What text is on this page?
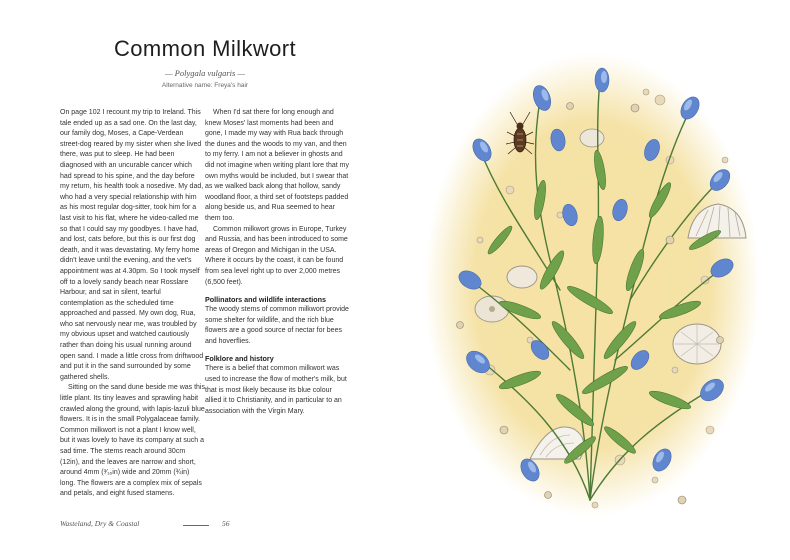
Common Milkwort
— Polygala vulgaris —
Alternative name: Freya's hair

On page 102 I recount my trip to Ireland. This tale ended up as a sad one. On the last day, our family dog, Moses, a Cape-Verdean street-dog reared by my sister when she lived there, was put to sleep. He had been diagnosed with an uncurable cancer which had spread to his spine, and the day before my return, his health took a nosedive. My dad, who had a very special relationship with him as his most regular dog-sitter, took him for a last visit to his flat, where he video-called me so that I could say my goodbyes. I have had, and lost, cats before, but this is our first dog death, and it was devastating. My ferry home didn't leave until the evening, and the vet's appointment was at 4.30pm. So I took myself off to a lovely sandy beach near Rosslare Harbour, and sat in silent, tearful contemplation as the scheduled time approached and passed. My own dog, Rua, who sat nervously near me, was troubled by my obvious upset and watched cautiously rather than doing his usual running around open sand. I made a little cross from driftwood and put it in the sand surrounded by some gathered shells.

Sitting on the sand dune beside me was this little plant. Its tiny leaves and sprawling habit crawled along the ground, with lapis-lazuli blue flowers. It is in the small Polygalaceae family. Common milkwort is not a plant I know well, but it was lovely to have its company at such a sad time. The stems reach around 30cm (12in), and the leaves are narrow and short, around 4mm (³⁄₁₆in) wide and 20mm (¾in) long. The flowers are a complex mix of sepals and petals, and eight fused stamens.

When I'd sat there for long enough and knew Moses' last moments had been and gone, I made my way with Rua back through the dunes and the woods to my van, and then to my ferry. I am not a believer in ghosts and did not imagine when writing plant lore that my own myths would be included, but I swear that as we walked back along that hollow, sandy woodland floor, a third set of footsteps padded along beside us, and Rua seemed to hear them too.

Common milkwort grows in Europe, Turkey and Russia, and has been introduced to some areas of Oregon and Michigan in the USA. Where it occurs by the coast, it can be found from sea level right up to over 2,000 metres (6,500 feet).

Pollinators and wildlife interactions

The woody stems of common milkwort provide some shelter for wildlife, and the rich blue flowers are a good source of nectar for bees and hoverflies.

Folklore and history

There is a belief that common milkwort was used to increase the flow of mother's milk, but that is most likely because its blue colour allied it to Christianity, and in particular to an association with the Virgin Mary.

Wasteland, Dry & Coastal	56
